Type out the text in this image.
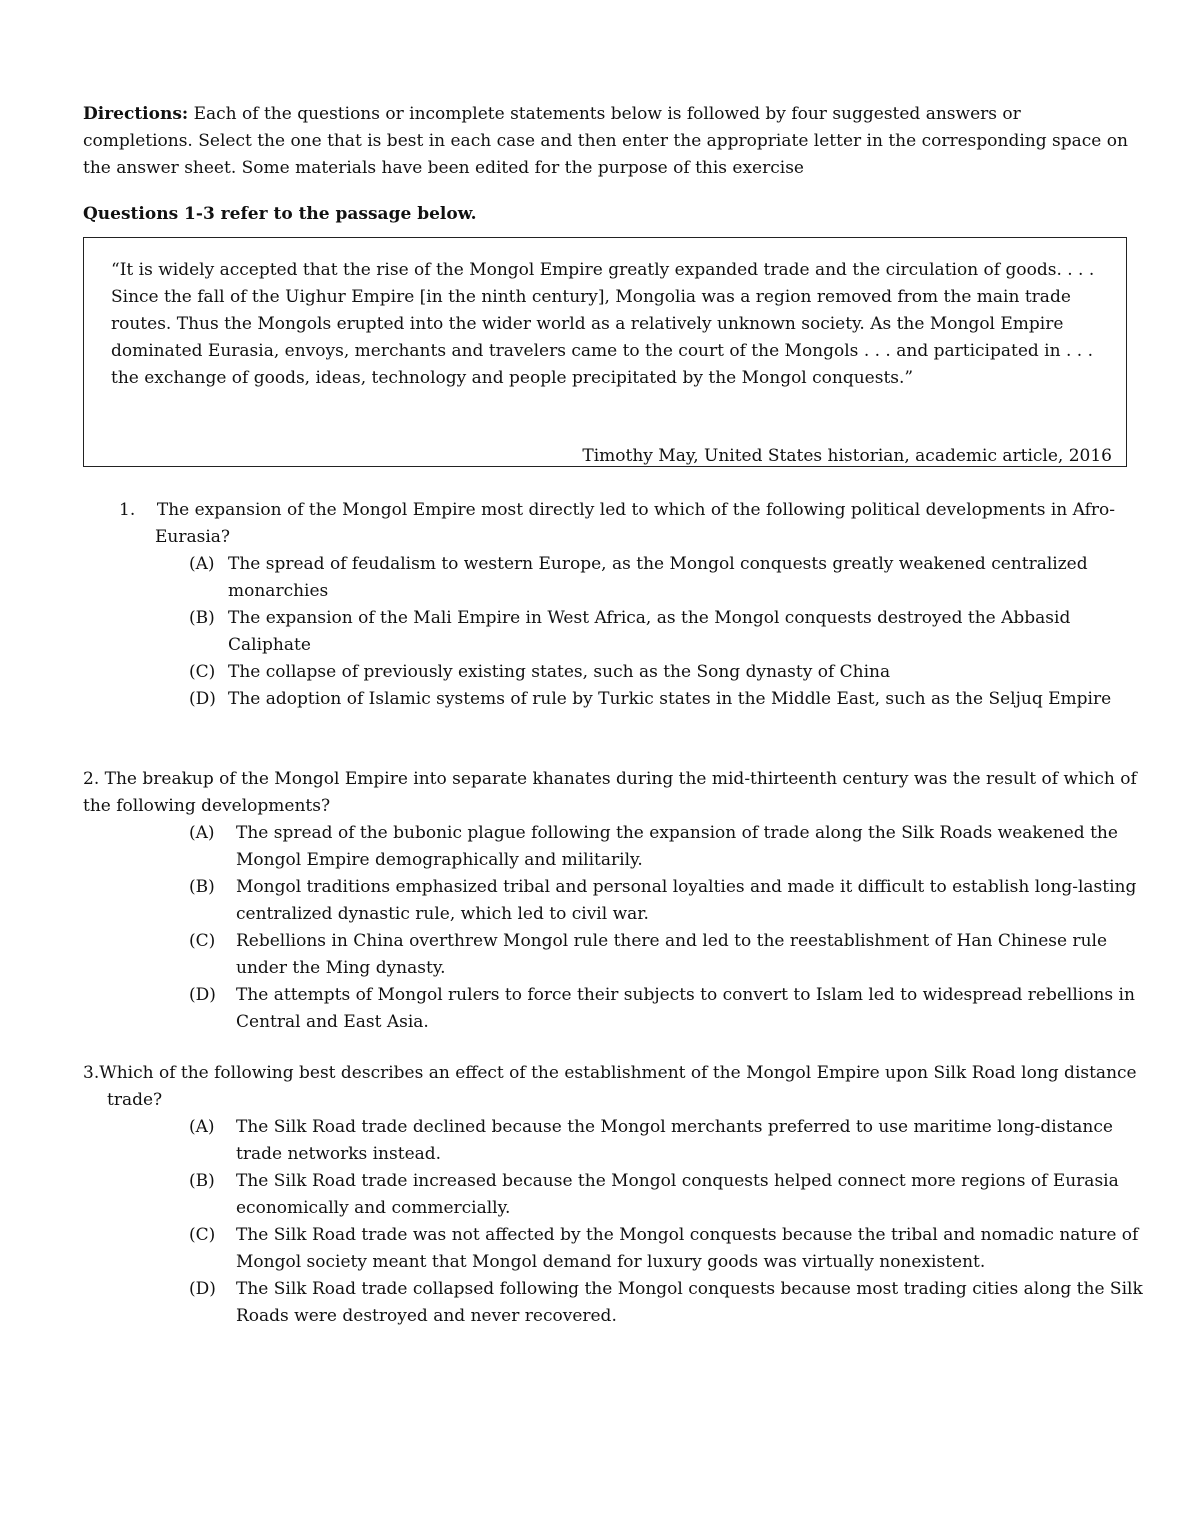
Directions: Each of the questions or incomplete statements below is followed by four suggested answers or completions. Select the one that is best in each case and then enter the appropriate letter in the corresponding space on the answer sheet. Some materials have been edited for the purpose of this exercise
Questions 1-3 refer to the passage below.
“It is widely accepted that the rise of the Mongol Empire greatly expanded trade and the circulation of goods. . . . Since the fall of the Uighur Empire [in the ninth century], Mongolia was a region removed from the main trade routes. Thus the Mongols erupted into the wider world as a relatively unknown society. As the Mongol Empire dominated Eurasia, envoys, merchants and travelers came to the court of the Mongols . . . and participated in . . . the exchange of goods, ideas, technology and people precipitated by the Mongol conquests.”
Timothy May, United States historian, academic article, 2016

1. The expansion of the Mongol Empire most directly led to which of the following political developments in Afro-Eurasia?

(A) The spread of feudalism to western Europe, as the Mongol conquests greatly weakened centralized monarchies

(B) The expansion of the Mali Empire in West Africa, as the Mongol conquests destroyed the Abbasid Caliphate

(C) The collapse of previously existing states, such as the Song dynasty of China

(D) The adoption of Islamic systems of rule by Turkic states in the Middle East, such as the Seljuq Empire

2. The breakup of the Mongol Empire into separate khanates during the mid-thirteenth century was the result of which of the following developments?

(A) The spread of the bubonic plague following the expansion of trade along the Silk Roads weakened the Mongol Empire demographically and militarily.

(B) Mongol traditions emphasized tribal and personal loyalties and made it difficult to establish long-lasting centralized dynastic rule, which led to civil war.

(C) Rebellions in China overthrew Mongol rule there and led to the reestablishment of Han Chinese rule under the Ming dynasty.

(D) The attempts of Mongol rulers to force their subjects to convert to Islam led to widespread rebellions in Central and East Asia.

3.Which of the following best describes an effect of the establishment of the Mongol Empire upon Silk Road long distance trade?

(A) The Silk Road trade declined because the Mongol merchants preferred to use maritime long-distance trade networks instead.

(B) The Silk Road trade increased because the Mongol conquests helped connect more regions of Eurasia economically and commercially.

(C) The Silk Road trade was not affected by the Mongol conquests because the tribal and nomadic nature of Mongol society meant that Mongol demand for luxury goods was virtually nonexistent.

(D) The Silk Road trade collapsed following the Mongol conquests because most trading cities along the Silk Roads were destroyed and never recovered.
